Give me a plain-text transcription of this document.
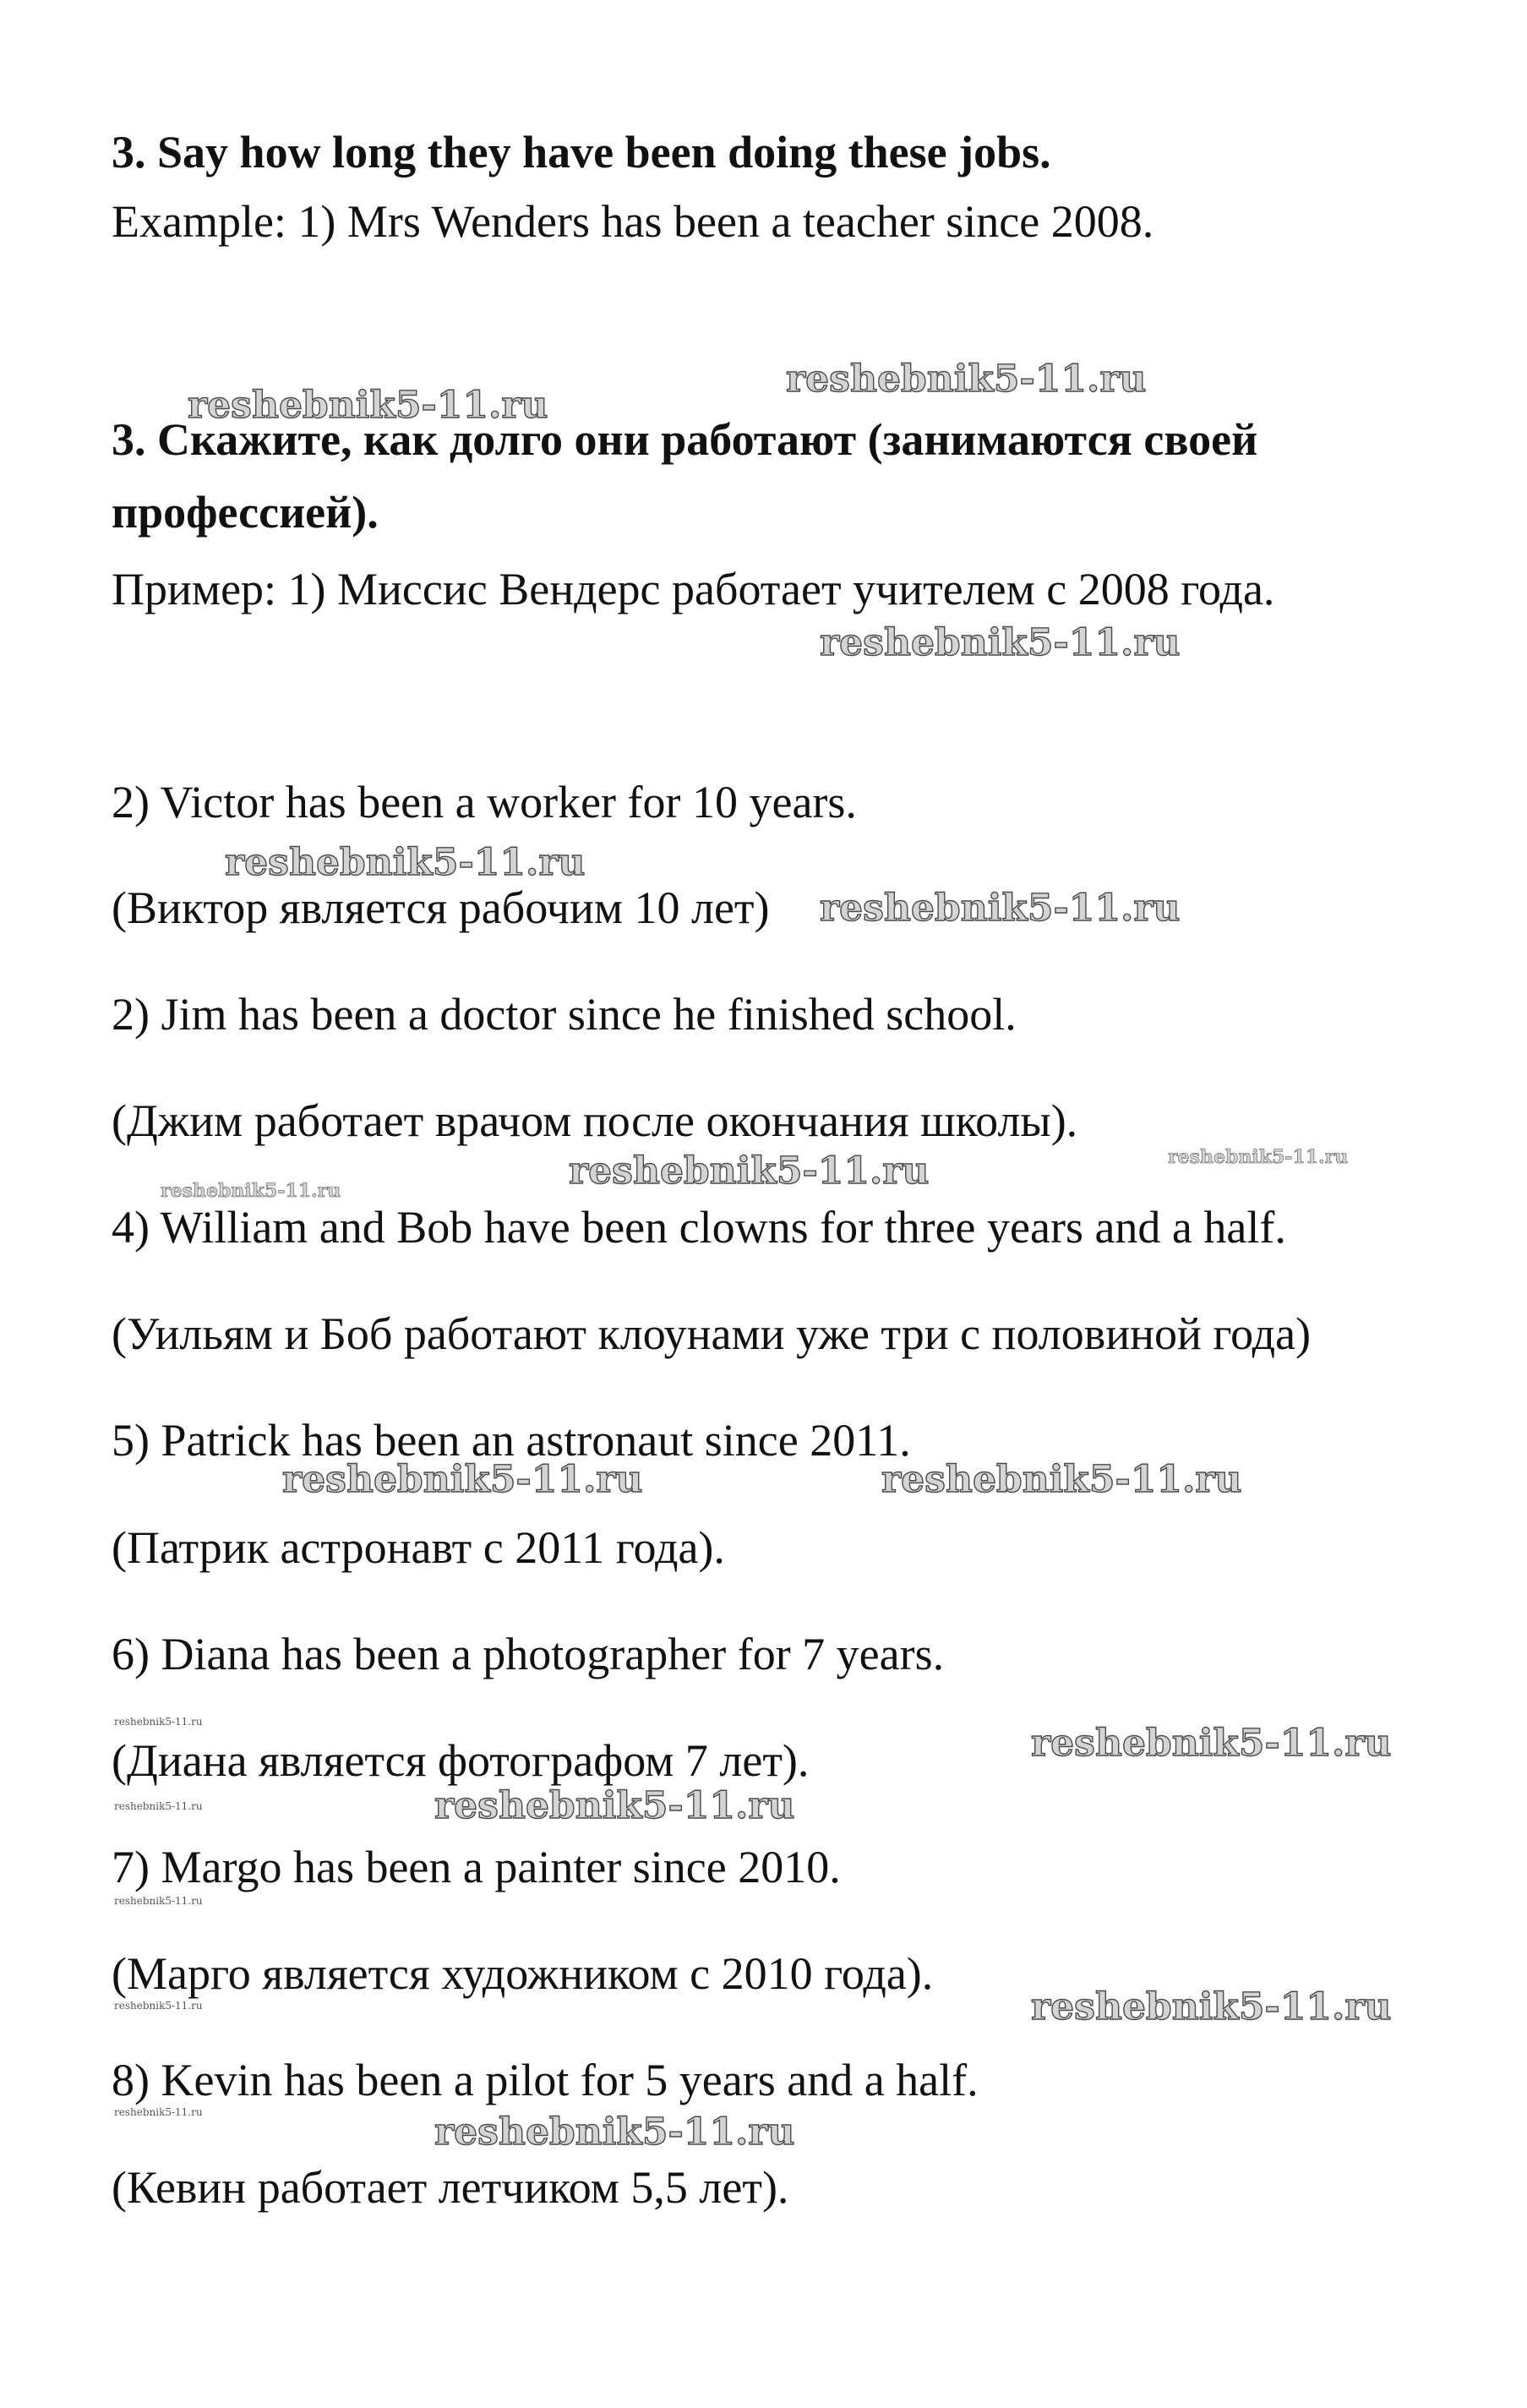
3. Say how long they have been doing these jobs.

Example: 1) Mrs Wenders has been a teacher since 2008.

3. Скажите, как долго они работают (занимаются своей

профессией).

Пример: 1) Миссис Вендерс работает учителем с 2008 года.

2) Victor has been a worker for 10 years.

(Виктор является рабочим 10 лет)

2) Jim has been a doctor since he finished school.

(Джим работает врачом после окончания школы).

4) William and Bob have been clowns for three years and a half.

(Уильям и Боб работают клоунами уже три с половиной года)

5) Patrick has been an astronaut since 2011.

(Патрик астронавт с 2011 года).

6) Diana has been a photographer for 7 years.

(Диана является фотографом 7 лет).

7) Margo has been a painter since 2010.

(Марго является художником с 2010 года).

8) Kevin has been a pilot for 5 years and a half.

(Кевин работает летчиком 5,5 лет).

reshebnik5-11.ru
reshebnik5-11.ru
reshebnik5-11.ru
reshebnik5-11.ru
reshebnik5-11.ru
reshebnik5-11.ru	reshebnik5-11.ru
reshebnik5-11.ru
reshebnik5-11.ru	reshebnik5-11.ru
reshebnik5-11.ru	reshebnik5-11.ru
reshebnik5-11.ru	reshebnik5-11.ru
reshebnik5-11.ru
reshebnik5-11.ru	reshebnik5-11.ru
reshebnik5-11.ru	reshebnik5-11.ru
